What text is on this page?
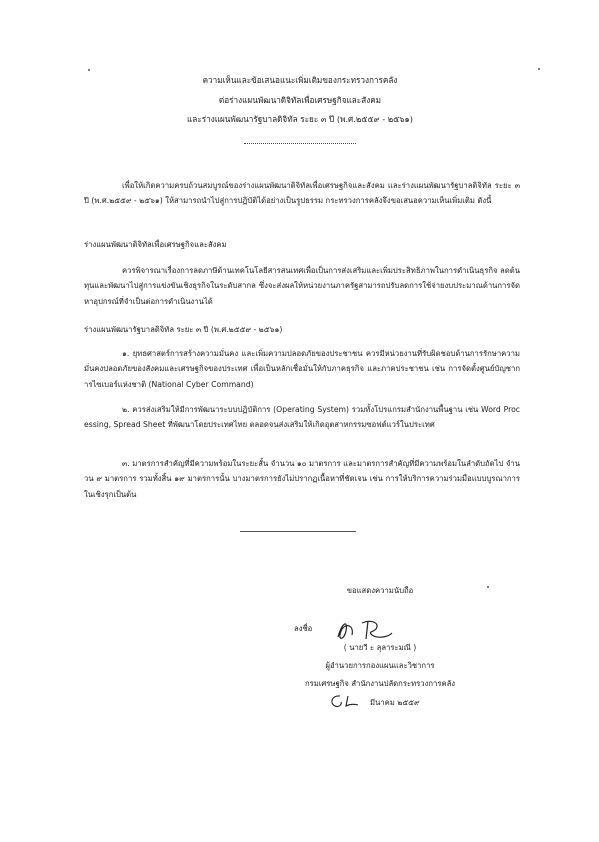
ความเห็นและข้อเสนอแนะเพิ่มเติมของกระทรวงการคลัง
ต่อร่างแผนพัฒนาดิจิทัลเพื่อเศรษฐกิจและสังคม
และร่างแผนพัฒนารัฐบาลดิจิทัล ระยะ ๓ ปี (พ.ศ.๒๕๕๙ - ๒๕๖๑)
เพื่อให้เกิดความครบถ้วนสมบูรณ์ของร่างแผนพัฒนาดิจิทัลเพื่อเศรษฐกิจและสังคม และร่างแผนพัฒนารัฐบาลดิจิทัล ระยะ ๓ ปี (พ.ศ.๒๕๕๙ - ๒๕๖๑) ให้สามารถนำไปสู่การปฏิบัติได้อย่างเป็นรูปธรรม กระทรวงการคลังจึงขอเสนอความเห็นเพิ่มเติม ดังนี้
ร่างแผนพัฒนาดิจิทัลเพื่อเศรษฐกิจและสังคม
ควรพิจารณาเรื่องการลดภาษีด้านเทคโนโลยีสารสนเทศเพื่อเป็นการส่งเสริมและเพิ่มประสิทธิภาพในการดำเนินธุรกิจ ลดต้นทุนและพัฒนาไปสู่การแข่งขันเชิงธุรกิจในระดับสากล ซึ่งจะส่งผลให้หน่วยงานภาครัฐสามารถปรับลดการใช้จ่ายงบประมาณด้านการจัดหาอุปกรณ์ที่จำเป็นต่อการดำเนินงานได้
ร่างแผนพัฒนารัฐบาลดิจิทัล ระยะ ๓ ปี (พ.ศ.๒๕๕๙ - ๒๕๖๑)
๑. ยุทธศาสตร์การสร้างความมั่นคง และเพิ่มความปลอดภัยของประชาชน ควรมีหน่วยงานที่รับผิดชอบด้านการรักษาความมั่นคงปลอดภัยของสังคมและเศรษฐกิจของประเทศ เพื่อเป็นหลักเชื่อมั่นให้กับภาคธุรกิจ และภาคประชาชน เช่น การจัดตั้งศูนย์บัญชาการไซเบอร์แห่งชาติ (National Cyber Command)
๒. ควรส่งเสริมให้มีการพัฒนาระบบปฏิบัติการ (Operating System) รวมทั้งโปรแกรมสำนักงานพื้นฐาน เช่น Word Processing, Spread Sheet ที่พัฒนาโดยประเทศไทย ตลอดจนส่งเสริมให้เกิดอุตสาหกรรมซอฟต์แวร์ในประเทศ
๓. มาตรการสำคัญที่มีความพร้อมในระยะสั้น จำนวน ๑๐ มาตรการ และมาตรการสำคัญที่มีความพร้อมในลำดับถัดไป จำนวน ๙ มาตรการ รวมทั้งสิ้น ๑๙ มาตรการนั้น บางมาตรการยังไม่ปรากฏเนื้อหาที่ชัดเจน เช่น การให้บริการความร่วมมือแบบบูรณาการในเชิงรุกเป็นต้น
ขอแสดงความนับถือ
ลงชื่อ
( นายวี ะ ลุลาระมณี )
ผู้อำนวยการกองแผนและวิชาการ
กรมเศรษฐกิจ สำนักงานปลัดกระทรวงการคลัง
มีนาคม ๒๕๕๙
